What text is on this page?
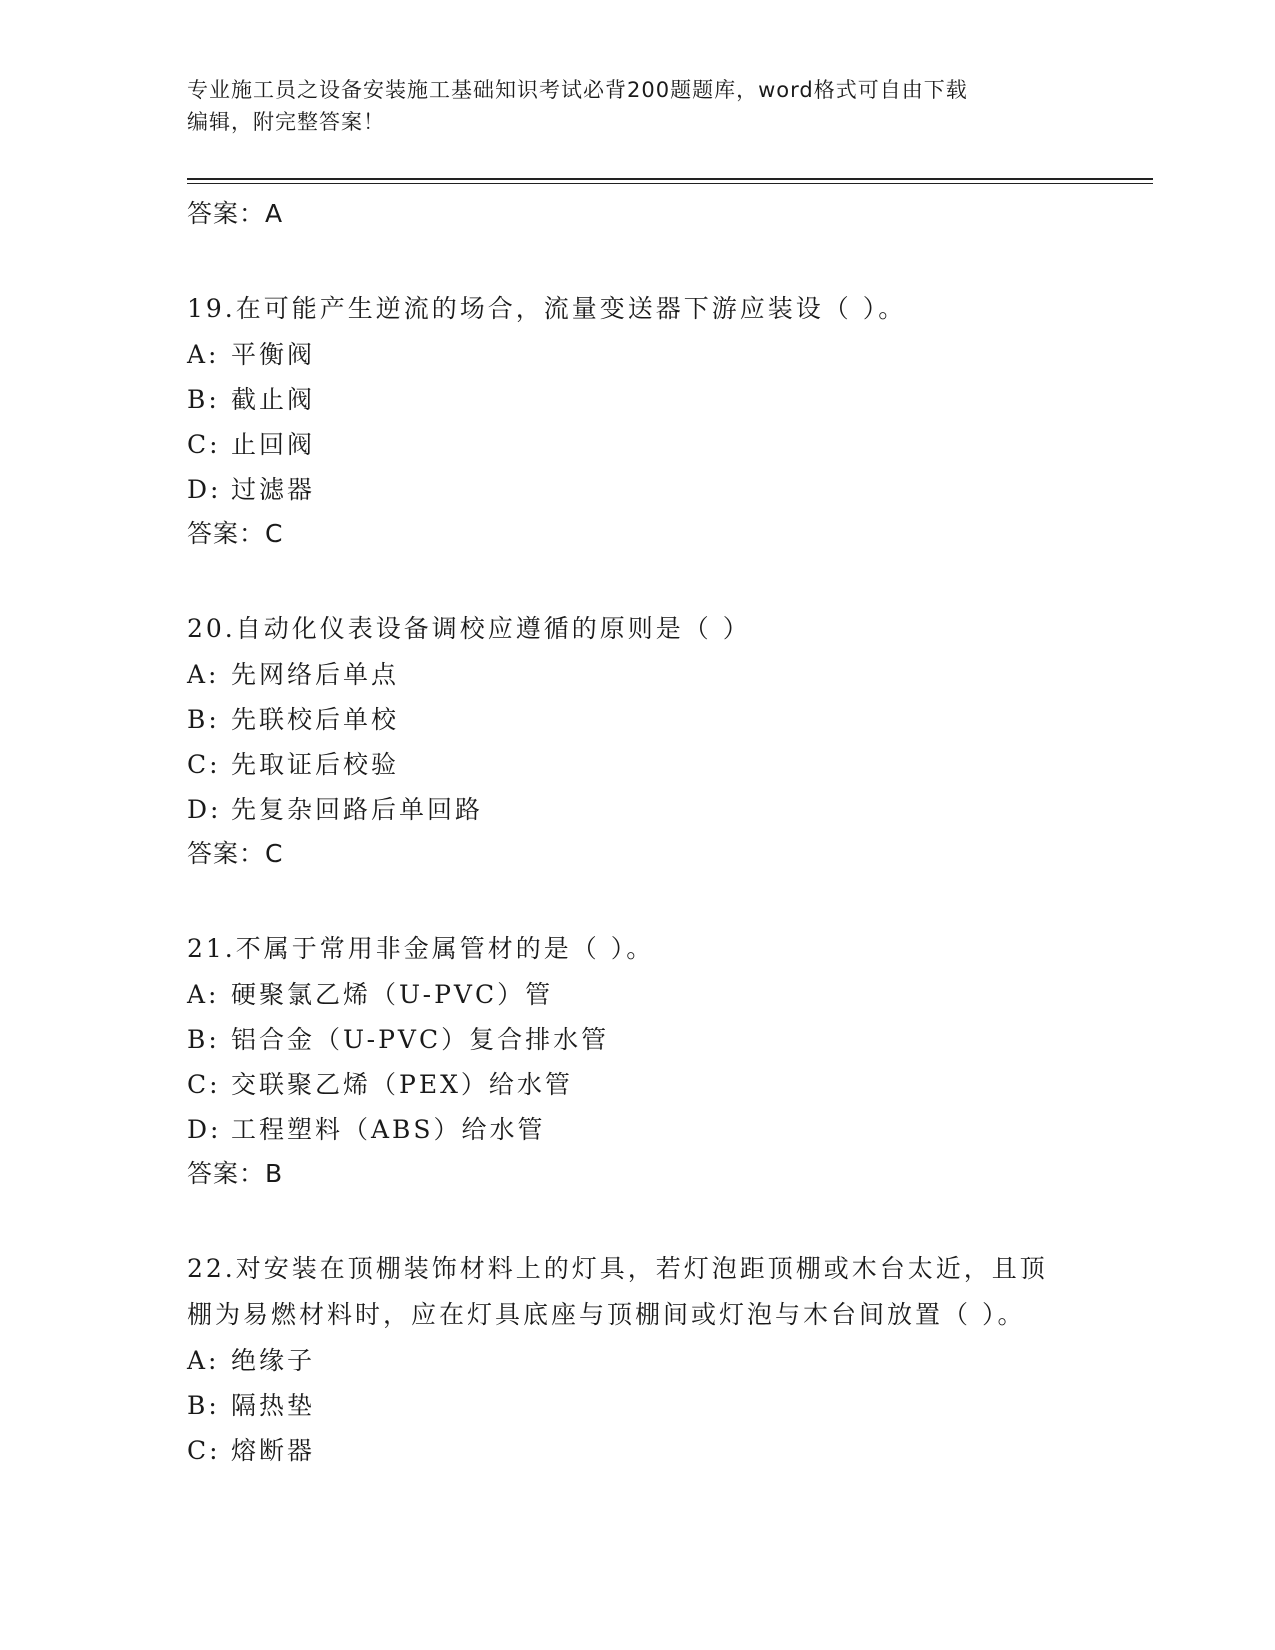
专业施工员之设备安装施工基础知识考试必背200题题库，word格式可自由下载
编辑，附完整答案！
答案：A
19.在可能产生逆流的场合，流量变送器下游应装设（ ）。
A: 平衡阀
B: 截止阀
C: 止回阀
D: 过滤器
答案：C
20.自动化仪表设备调校应遵循的原则是（ ）
A: 先网络后单点
B: 先联校后单校
C: 先取证后校验
D: 先复杂回路后单回路
答案：C
21.不属于常用非金属管材的是（ ）。
A: 硬聚氯乙烯（U-PVC）管
B: 铝合金（U-PVC）复合排水管
C: 交联聚乙烯（PEX）给水管
D: 工程塑料（ABS）给水管
答案：B
22.对安装在顶棚装饰材料上的灯具，若灯泡距顶棚或木台太近，且顶
棚为易燃材料时，应在灯具底座与顶棚间或灯泡与木台间放置（ ）。
A: 绝缘子
B: 隔热垫
C: 熔断器
